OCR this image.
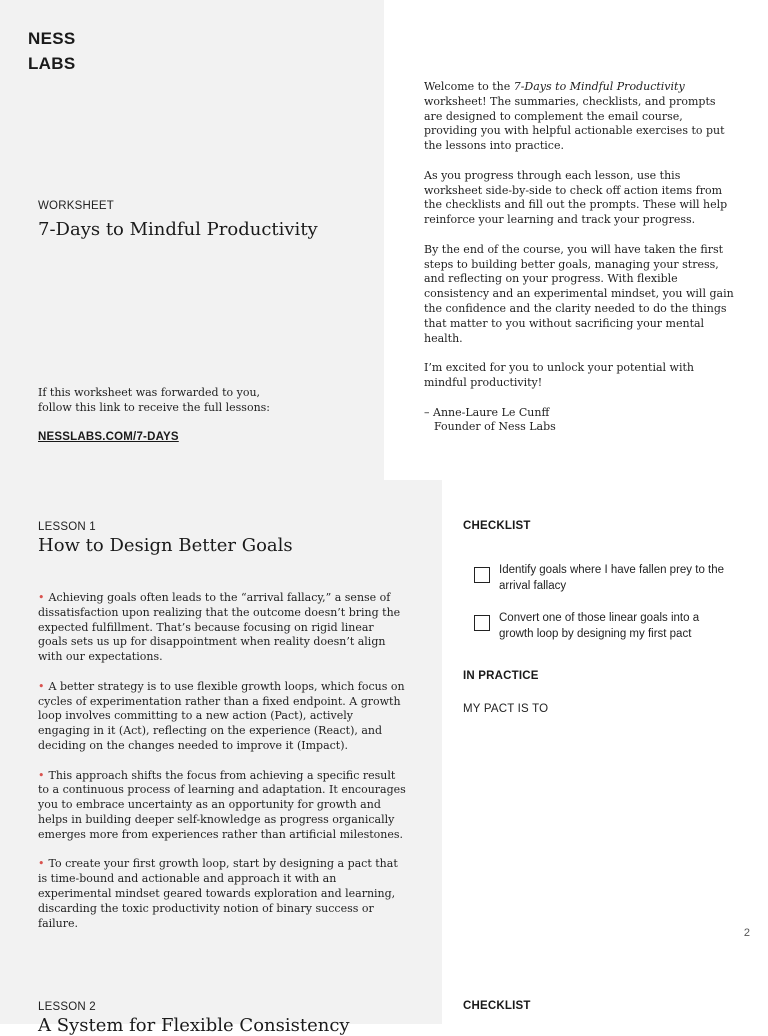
NESS
LABS
WORKSHEET
7-Days to Mindful Productivity
If this worksheet was forwarded to you,
follow this link to receive the full lessons:
NESSLABS.COM/7-DAYS

Welcome to the 7-Days to Mindful Productivity worksheet! The summaries, checklists, and prompts are designed to complement the email course, providing you with helpful actionable exercises to put the lessons into practice.

As you progress through each lesson, use this worksheet side-by-side to check off action items from the checklists and fill out the prompts. These will help reinforce your learning and track your progress.

By the end of the course, you will have taken the first steps to building better goals, managing your stress, and reflecting on your progress. With flexible consistency and an experimental mindset, you will gain the confidence and the clarity needed to do the things that matter to you without sacrificing your mental health.

I’m excited for you to unlock your potential with mindful productivity!

– Anne-Laure Le Cunff
Founder of Ness Labs
LESSON 1
How to Design Better Goals

• Achieving goals often leads to the “arrival fallacy,” a sense of dissatisfaction upon realizing that the outcome doesn’t bring the expected fulfillment. That’s because focusing on rigid linear goals sets us up for disappointment when reality doesn’t align with our expectations.

• A better strategy is to use flexible growth loops, which focus on cycles of experimentation rather than a fixed endpoint. A growth loop involves committing to a new action (Pact), actively engaging in it (Act), reflecting on the experience (React), and deciding on the changes needed to improve it (Impact).

• This approach shifts the focus from achieving a specific result to a continuous process of learning and adaptation. It encourages you to embrace uncertainty as an opportunity for growth and helps in building deeper self-knowledge as progress organically emerges more from experiences rather than artificial milestones.

• To create your first growth loop, start by designing a pact that is time-bound and actionable and approach it with an experimental mindset geared towards exploration and learning, discarding the toxic productivity notion of binary success or failure.

CHECKLIST
Identify goals where I have fallen prey to the arrival fallacy
Convert one of those linear goals into a growth loop by designing my first pact
IN PRACTICE
MY PACT IS TO
2
LESSON 2
A System for Flexible Consistency
CHECKLIST
